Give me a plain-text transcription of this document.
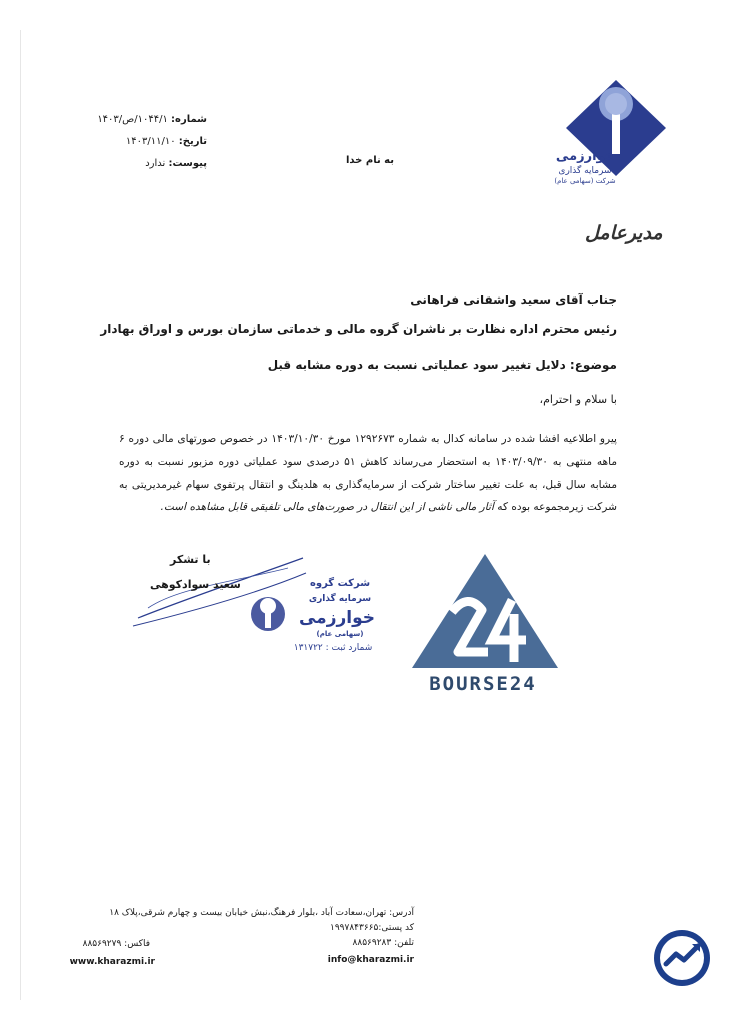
خوارزمی
سرمایه گذاری
شرکت (سهامی عام)
شماره: ۱۰۴۴/۱/ص/۱۴۰۳
تاریخ: ۱۴۰۳/۱۱/۱۰
پیوست: ندارد	به نام خدا
مدیرعامل
جناب آقای سعید واشقانی فراهانی
رئیس محترم اداره نظارت بر ناشران گروه مالی و خدماتی سازمان بورس و اوراق بهادار
موضوع: دلایل تغییر سود عملیاتی نسبت به دوره مشابه قبل
با سلام و احترام،
پیرو اطلاعیه افشا شده در سامانه کدال به شماره ۱۲۹۲۶۷۳ مورخ ۱۴۰۳/۱۰/۳۰ در خصوص صورتهای مالی دوره ۶ ماهه منتهی به ۱۴۰۳/۰۹/۳۰ به استحضار می‌رساند کاهش ۵۱ درصدی سود عملیاتی دوره مزبور نسبت به دوره مشابه سال قبل، به علت تغییر ساختار شرکت از سرمایه‌گذاری به هلدینگ و انتقال پرتفوی سهام غیرمدیریتی به شرکت زیرمجموعه بوده که آثار مالی ناشی از این انتقال در صورت‌های مالی تلفیقی قابل مشاهده است.
با تشکر
سعید سوادکوهی	شرکت گروه
سرمایه گذاری
خوارزمی
(سهامی عام)
شمارد ثبت : ۱۳۱۷۲۲
BOURSE24
آدرس: تهران،سعادت آباد ،بلوار فرهنگ،نبش خیابان بیست و چهارم شرقی،پلاک ۱۸
کد پستی:۱۹۹۷۸۴۳۶۶۵
تلفن: ۸۸۵۶۹۲۸۳
info@kharazmi.ir
فاکس: ۸۸۵۶۹۲۷۹
www.kharazmi.ir
